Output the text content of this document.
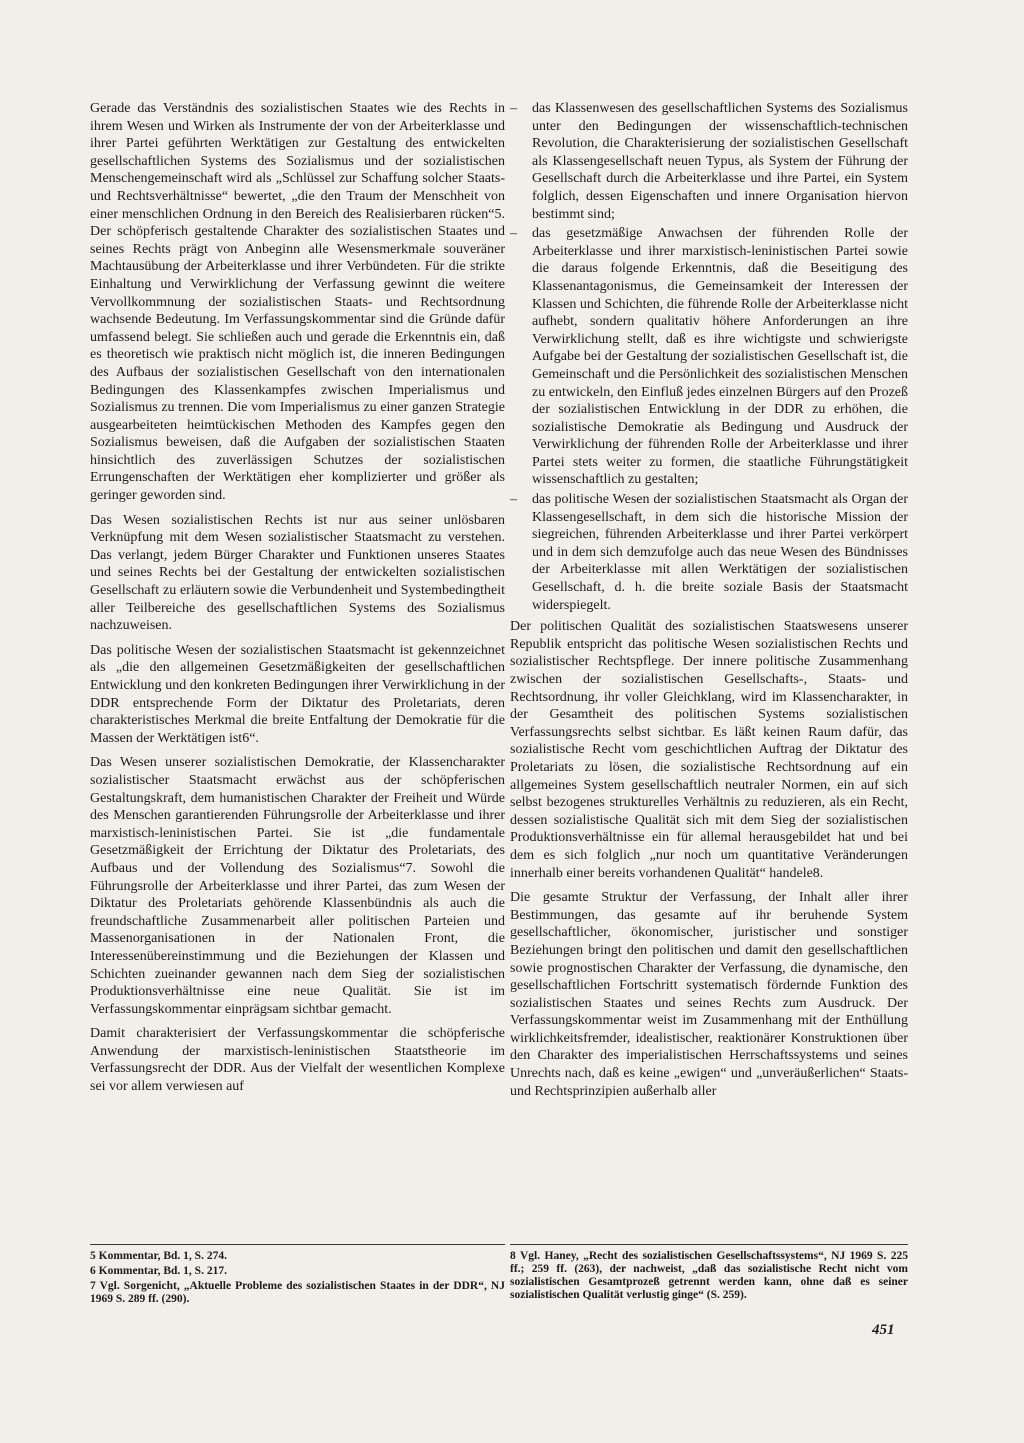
Gerade das Verständnis des sozialistischen Staates wie des Rechts in ihrem Wesen und Wirken als Instrumente der von der Arbeiterklasse und ihrer Partei geführten Werktätigen zur Gestaltung des entwickelten gesellschaftlichen Systems des Sozialismus und der sozialistischen Menschengemeinschaft wird als „Schlüssel zur Schaffung solcher Staats- und Rechtsverhältnisse“ bewertet, „die den Traum der Menschheit von einer menschlichen Ordnung in den Bereich des Realisierbaren rücken“5. Der schöpferisch gestaltende Charakter des sozialistischen Staates und seines Rechts prägt von Anbeginn alle Wesensmerkmale souveräner Machtausübung der Arbeiterklasse und ihrer Verbündeten. Für die strikte Einhaltung und Verwirklichung der Verfassung gewinnt die weitere Vervollkommnung der sozialistischen Staats- und Rechtsordnung wachsende Bedeutung. Im Verfassungskommentar sind die Gründe dafür umfassend belegt. Sie schließen auch und gerade die Erkenntnis ein, daß es theoretisch wie praktisch nicht möglich ist, die inneren Bedingungen des Aufbaus der sozialistischen Gesellschaft von den internationalen Bedingungen des Klassenkampfes zwischen Imperialismus und Sozialismus zu trennen. Die vom Imperialismus zu einer ganzen Strategie ausgearbeiteten heimtückischen Methoden des Kampfes gegen den Sozialismus beweisen, daß die Aufgaben der sozialistischen Staaten hinsichtlich des zuverlässigen Schutzes der sozialistischen Errungenschaften der Werktätigen eher komplizierter und größer als geringer geworden sind.

Das Wesen sozialistischen Rechts ist nur aus seiner unlösbaren Verknüpfung mit dem Wesen sozialistischer Staatsmacht zu verstehen. Das verlangt, jedem Bürger Charakter und Funktionen unseres Staates und seines Rechts bei der Gestaltung der entwickelten sozialistischen Gesellschaft zu erläutern sowie die Verbundenheit und Systembedingtheit aller Teilbereiche des gesellschaftlichen Systems des Sozialismus nachzuweisen.

Das politische Wesen der sozialistischen Staatsmacht ist gekennzeichnet als „die den allgemeinen Gesetzmäßigkeiten der gesellschaftlichen Entwicklung und den konkreten Bedingungen ihrer Verwirklichung in der DDR entsprechende Form der Diktatur des Proletariats, deren charakteristisches Merkmal die breite Entfaltung der Demokratie für die Massen der Werktätigen ist6“.

Das Wesen unserer sozialistischen Demokratie, der Klassencharakter sozialistischer Staatsmacht erwächst aus der schöpferischen Gestaltungskraft, dem humanistischen Charakter der Freiheit und Würde des Menschen garantierenden Führungsrolle der Arbeiterklasse und ihrer marxistisch-leninistischen Partei. Sie ist „die fundamentale Gesetzmäßigkeit der Errichtung der Diktatur des Proletariats, des Aufbaus und der Vollendung des Sozialismus“7. Sowohl die Führungsrolle der Arbeiterklasse und ihrer Partei, das zum Wesen der Diktatur des Proletariats gehörende Klassenbündnis als auch die freundschaftliche Zusammenarbeit aller politischen Parteien und Massenorganisationen in der Nationalen Front, die Interessenübereinstimmung und die Beziehungen der Klassen und Schichten zueinander gewannen nach dem Sieg der sozialistischen Produktionsverhältnisse eine neue Qualität. Sie ist im Verfassungskommentar einprägsam sichtbar gemacht.

Damit charakterisiert der Verfassungskommentar die schöpferische Anwendung der marxistisch-leninistischen Staatstheorie im Verfassungsrecht der DDR. Aus der Vielfalt der wesentlichen Komplexe sei vor allem verwiesen auf

– das Klassenwesen des gesellschaftlichen Systems des Sozialismus unter den Bedingungen der wissenschaftlich-technischen Revolution, die Charakterisierung der sozialistischen Gesellschaft als Klassengesellschaft neuen Typus, als System der Führung der Gesellschaft durch die Arbeiterklasse und ihre Partei, ein System folglich, dessen Eigenschaften und innere Organisation hiervon bestimmt sind;
– das gesetzmäßige Anwachsen der führenden Rolle der Arbeiterklasse und ihrer marxistisch-leninistischen Partei sowie die daraus folgende Erkenntnis, daß die Beseitigung des Klassenantagonismus, die Gemeinsamkeit der Interessen der Klassen und Schichten, die führende Rolle der Arbeiterklasse nicht aufhebt, sondern qualitativ höhere Anforderungen an ihre Verwirklichung stellt, daß es ihre wichtigste und schwierigste Aufgabe bei der Gestaltung der sozialistischen Gesellschaft ist, die Gemeinschaft und die Persönlichkeit des sozialistischen Menschen zu entwickeln, den Einfluß jedes einzelnen Bürgers auf den Prozeß der sozialistischen Entwicklung in der DDR zu erhöhen, die sozialistische Demokratie als Bedingung und Ausdruck der Verwirklichung der führenden Rolle der Arbeiterklasse und ihrer Partei stets weiter zu formen, die staatliche Führungstätigkeit wissenschaftlich zu gestalten;
– das politische Wesen der sozialistischen Staatsmacht als Organ der Klassengesellschaft, in dem sich die historische Mission der siegreichen, führenden Arbeiterklasse und ihrer Partei verkörpert und in dem sich demzufolge auch das neue Wesen des Bündnisses der Arbeiterklasse mit allen Werktätigen der sozialistischen Gesellschaft, d. h. die breite soziale Basis der Staatsmacht widerspiegelt.

Der politischen Qualität des sozialistischen Staatswesens unserer Republik entspricht das politische Wesen sozialistischen Rechts und sozialistischer Rechtspflege. Der innere politische Zusammenhang zwischen der sozialistischen Gesellschafts-, Staats- und Rechtsordnung, ihr voller Gleichklang, wird im Klassencharakter, in der Gesamtheit des politischen Systems sozialistischen Verfassungsrechts selbst sichtbar. Es läßt keinen Raum dafür, das sozialistische Recht vom geschichtlichen Auftrag der Diktatur des Proletariats zu lösen, die sozialistische Rechtsordnung auf ein allgemeines System gesellschaftlich neutraler Normen, ein auf sich selbst bezogenes strukturelles Verhältnis zu reduzieren, als ein Recht, dessen sozialistische Qualität sich mit dem Sieg der sozialistischen Produktionsverhältnisse ein für allemal herausgebildet hat und bei dem es sich folglich „nur noch um quantitative Veränderungen innerhalb einer bereits vorhandenen Qualität“ handele8.

Die gesamte Struktur der Verfassung, der Inhalt aller ihrer Bestimmungen, das gesamte auf ihr beruhende System gesellschaftlicher, ökonomischer, juristischer und sonstiger Beziehungen bringt den politischen und damit den gesellschaftlichen sowie prognostischen Charakter der Verfassung, die dynamische, den gesellschaftlichen Fortschritt systematisch fördernde Funktion des sozialistischen Staates und seines Rechts zum Ausdruck. Der Verfassungskommentar weist im Zusammenhang mit der Enthüllung wirklichkeitsfremder, idealistischer, reaktionärer Konstruktionen über den Charakter des imperialistischen Herrschaftssystems und seines Unrechts nach, daß es keine „ewigen“ und „unveräußerlichen“ Staats- und Rechtsprinzipien außerhalb aller

5 Kommentar, Bd. 1, S. 274.

6 Kommentar, Bd. 1, S. 217.

7 Vgl. Sorgenicht, „Aktuelle Probleme des sozialistischen Staates in der DDR“, NJ 1969 S. 289 ff. (290).

8 Vgl. Haney, „Recht des sozialistischen Gesellschaftssystems“, NJ 1969 S. 225 ff.; 259 ff. (263), der nachweist, „daß das sozialistische Recht nicht vom sozialistischen Gesamtprozeß getrennt werden kann, ohne daß es seiner sozialistischen Qualität verlustig ginge“ (S. 259).

451
